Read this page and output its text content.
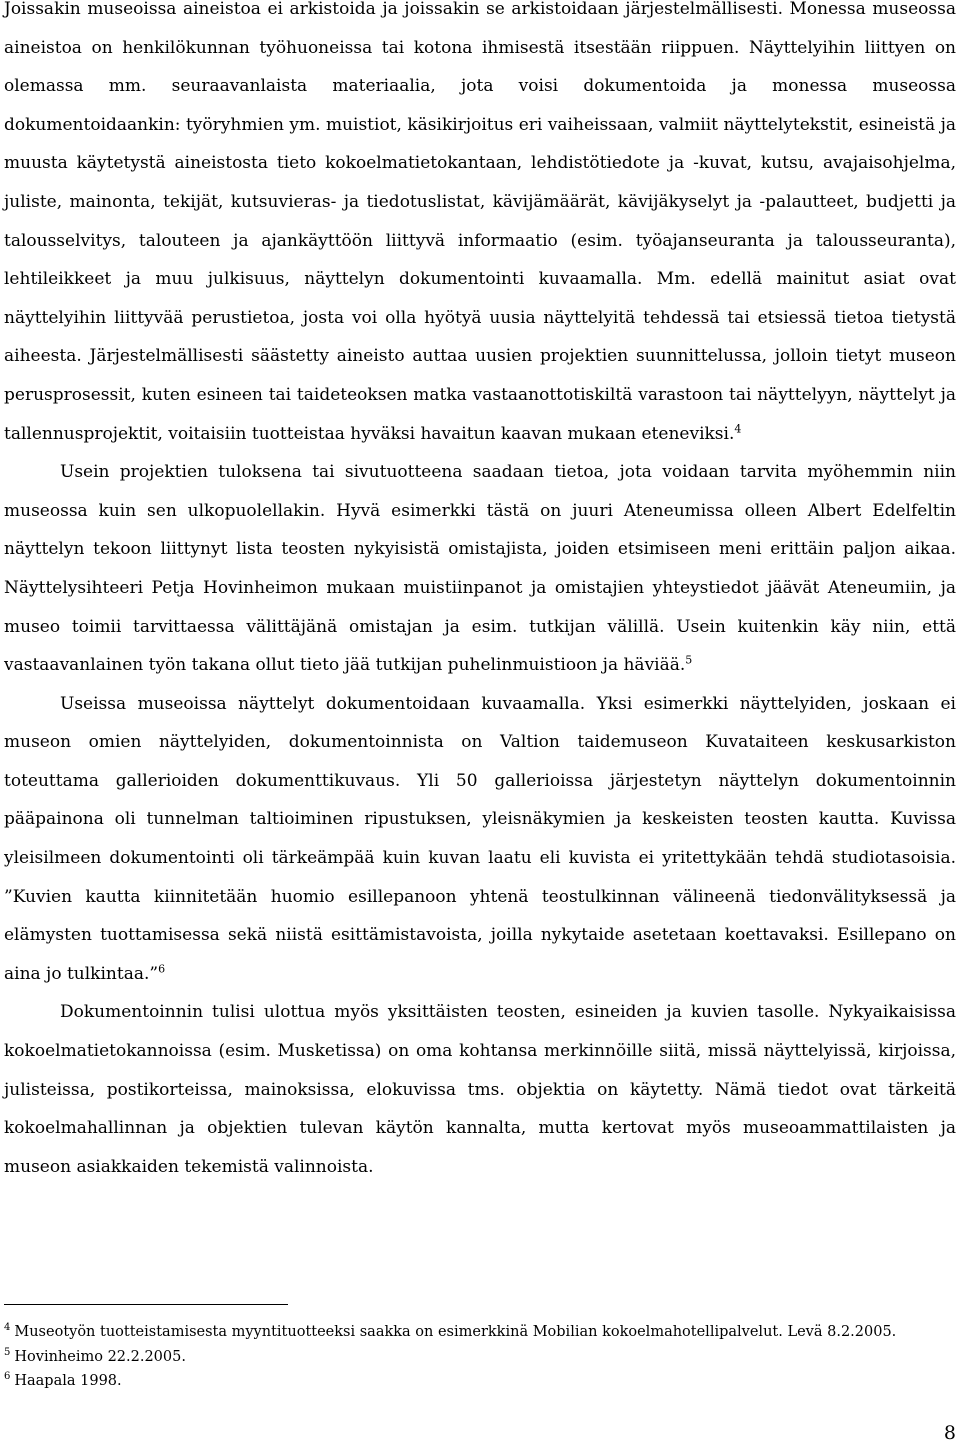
Joissakin museoissa aineistoa ei arkistoida ja joissakin se arkistoidaan järjestelmällisesti. Monessa museossa aineistoa on henkilökunnan työhuoneissa tai kotona ihmisestä itsestään riippuen. Näyttelyihin liittyen on olemassa mm. seuraavanlaista materiaalia, jota voisi dokumentoida ja monessa museossa dokumentoidaankin: työryhmien ym. muistiot, käsikirjoitus eri vaiheissaan, valmiit näyttelytekstit, esineistä ja muusta käytetystä aineistosta tieto kokoelmatietokantaan, lehdistötiedote ja -kuvat, kutsu, avajaisohjelma, juliste, mainonta, tekijät, kutsuvieras- ja tiedotuslistat, kävijämäärät, kävijäkyselyt ja -palautteet, budjetti ja talousselvitys, talouteen ja ajankäyttöön liittyvä informaatio (esim. työajanseuranta ja talousseuranta), lehtileikkeet ja muu julkisuus, näyttelyn dokumentointi kuvaamalla. Mm. edellä mainitut asiat ovat näyttelyihin liittyvää perustietoa, josta voi olla hyötyä uusia näyttelyitä tehdessä tai etsiessä tietoa tietystä aiheesta. Järjestelmällisesti säästetty aineisto auttaa uusien projektien suunnittelussa, jolloin tietyt museon perusprosessit, kuten esineen tai taideteoksen matka vastaanottotiskiltä varastoon tai näyttelyyn, näyttelyt ja tallennusprojektit, voitaisiin tuotteistaa hyväksi havaitun kaavan mukaan eteneviksi.$^4$

Usein projektien tuloksena tai sivutuotteena saadaan tietoa, jota voidaan tarvita myöhemmin niin museossa kuin sen ulkopuolellakin. Hyvä esimerkki tästä on juuri Ateneumissa olleen Albert Edelfeltin näyttelyn tekoon liittynyt lista teosten nykyisistä omistajista, joiden etsimiseen meni erittäin paljon aikaa. Näyttelysihteeri Petja Hovinheimon mukaan muistiinpanot ja omistajien yhteystiedot jäävät Ateneumiin, ja museo toimii tarvittaessa välittäjänä omistajan ja esim. tutkijan välillä. Usein kuitenkin käy niin, että vastaavanlainen työn takana ollut tieto jää tutkijan puhelinmuistioon ja häviää.$^5$

Useissa museoissa näyttelyt dokumentoidaan kuvaamalla. Yksi esimerkki näyttelyiden, joskaan ei museon omien näyttelyiden, dokumentoinnista on Valtion taidemuseon Kuvataiteen keskusarkiston toteuttama gallerioiden dokumenttikuvaus. Yli 50 gallerioissa järjestetyn näyttelyn dokumentoinnin pääpainona oli tunnelman taltioiminen ripustuksen, yleisnäkymien ja keskeisten teosten kautta. Kuvissa yleisilmeen dokumentointi oli tärkeämpää kuin kuvan laatu eli kuvista ei yritettykään tehdä studiotasoisia. ”Kuvien kautta kiinnitetään huomio esillepanoon yhtenä teostulkinnan välineenä tiedonvälityksessä ja elämysten tuottamisessa sekä niistä esittämistavoista, joilla nykytaide asetetaan koettavaksi. Esillepano on aina jo tulkintaa.”$^6$

Dokumentoinnin tulisi ulottua myös yksittäisten teosten, esineiden ja kuvien tasolle. Nykyaikaisissa kokoelmatietokannoissa (esim. Musketissa) on oma kohtansa merkinnöille siitä, missä näyttelyissä, kirjoissa, julisteissa, postikorteissa, mainoksissa, elokuvissa tms. objektia on käytetty. Nämä tiedot ovat tärkeitä kokoelmahallinnan ja objektien tulevan käytön kannalta, mutta kertovat myös museoammattilaisten ja museon asiakkaiden tekemistä valinnoista.

$^4$ Museotyön tuotteistamisesta myyntituotteeksi saakka on esimerkkinä Mobilian kokoelmahotellipalvelut. Levä 8.2.2005.

$^5$ Hovinheimo 22.2.2005.

$^6$ Haapala 1998.

8
